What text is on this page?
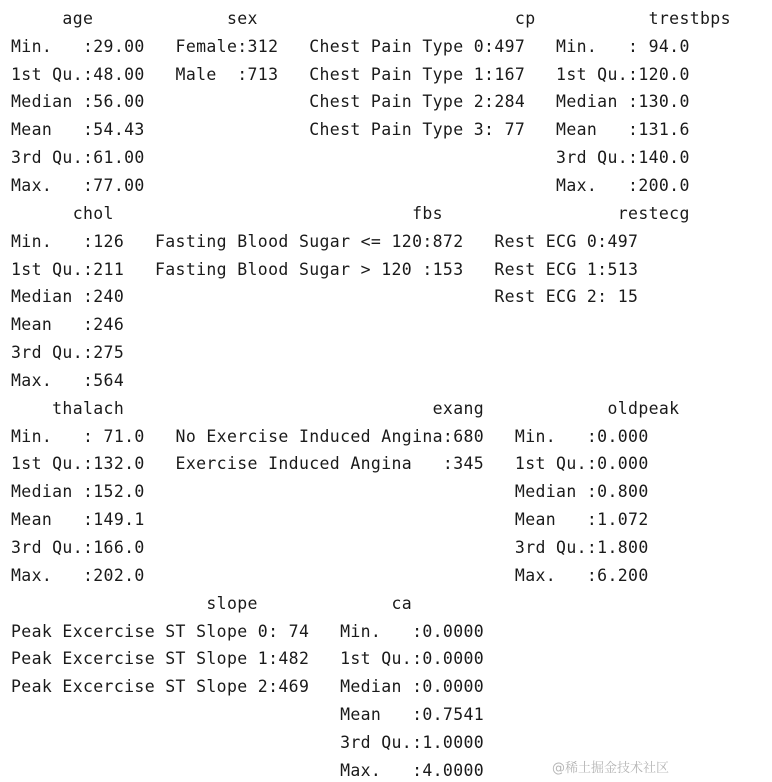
age             sex                         cp           trestbps
Min.   :29.00   Female:312   Chest Pain Type 0:497   Min.   : 94.0
1st Qu.:48.00   Male  :713   Chest Pain Type 1:167   1st Qu.:120.0
Median :56.00                Chest Pain Type 2:284   Median :130.0
Mean   :54.43                Chest Pain Type 3: 77   Mean   :131.6
3rd Qu.:61.00                                        3rd Qu.:140.0
Max.   :77.00                                        Max.   :200.0
chol                             fbs                 restecg
Min.   :126   Fasting Blood Sugar <= 120:872   Rest ECG 0:497
1st Qu.:211   Fasting Blood Sugar > 120 :153   Rest ECG 1:513
Median :240                                    Rest ECG 2: 15
Mean   :246
3rd Qu.:275
Max.   :564
thalach                              exang            oldpeak
Min.   : 71.0   No Exercise Induced Angina:680   Min.   :0.000
1st Qu.:132.0   Exercise Induced Angina   :345   1st Qu.:0.000
Median :152.0                                    Median :0.800
Mean   :149.1                                    Mean   :1.072
3rd Qu.:166.0                                    3rd Qu.:1.800
Max.   :202.0                                    Max.   :6.200
slope             ca
Peak Excercise ST Slope 0: 74   Min.   :0.0000
Peak Excercise ST Slope 1:482   1st Qu.:0.0000
Peak Excercise ST Slope 2:469   Median :0.0000
Mean   :0.7541
3rd Qu.:1.0000
Max.   :4.0000	@稀土掘金技术社区
